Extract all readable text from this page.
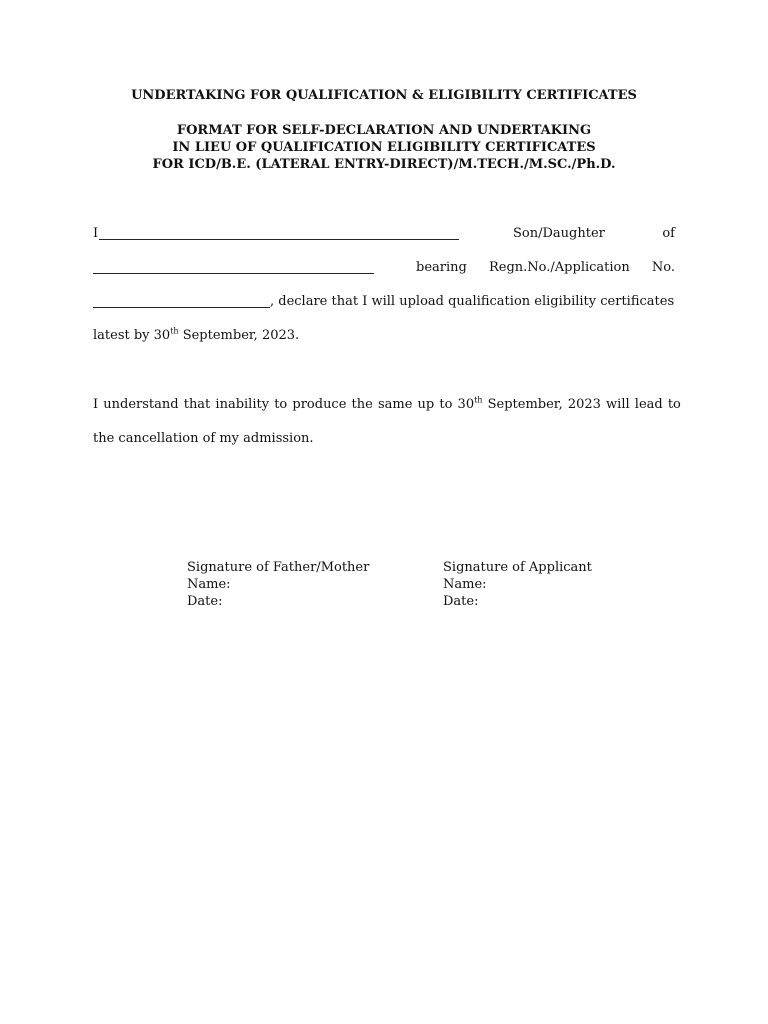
UNDERTAKING FOR QUALIFICATION & ELIGIBILITY CERTIFICATES
FORMAT FOR SELF-DECLARATION AND UNDERTAKING
IN LIEU OF QUALIFICATION ELIGIBILITY CERTIFICATES
FOR ICD/B.E. (LATERAL ENTRY-DIRECT)/M.TECH./M.SC./Ph.D.
I	Son/Daughter	of
bearing Regn.No./Application No.
, declare that I will upload qualification eligibility certificates
latest by 30th September, 2023.
I understand that inability to produce the same up to 30th September, 2023 will lead to
the cancellation of my admission.
Signature of Father/Mother
Name:
Date:
Signature of Applicant
Name:
Date:
